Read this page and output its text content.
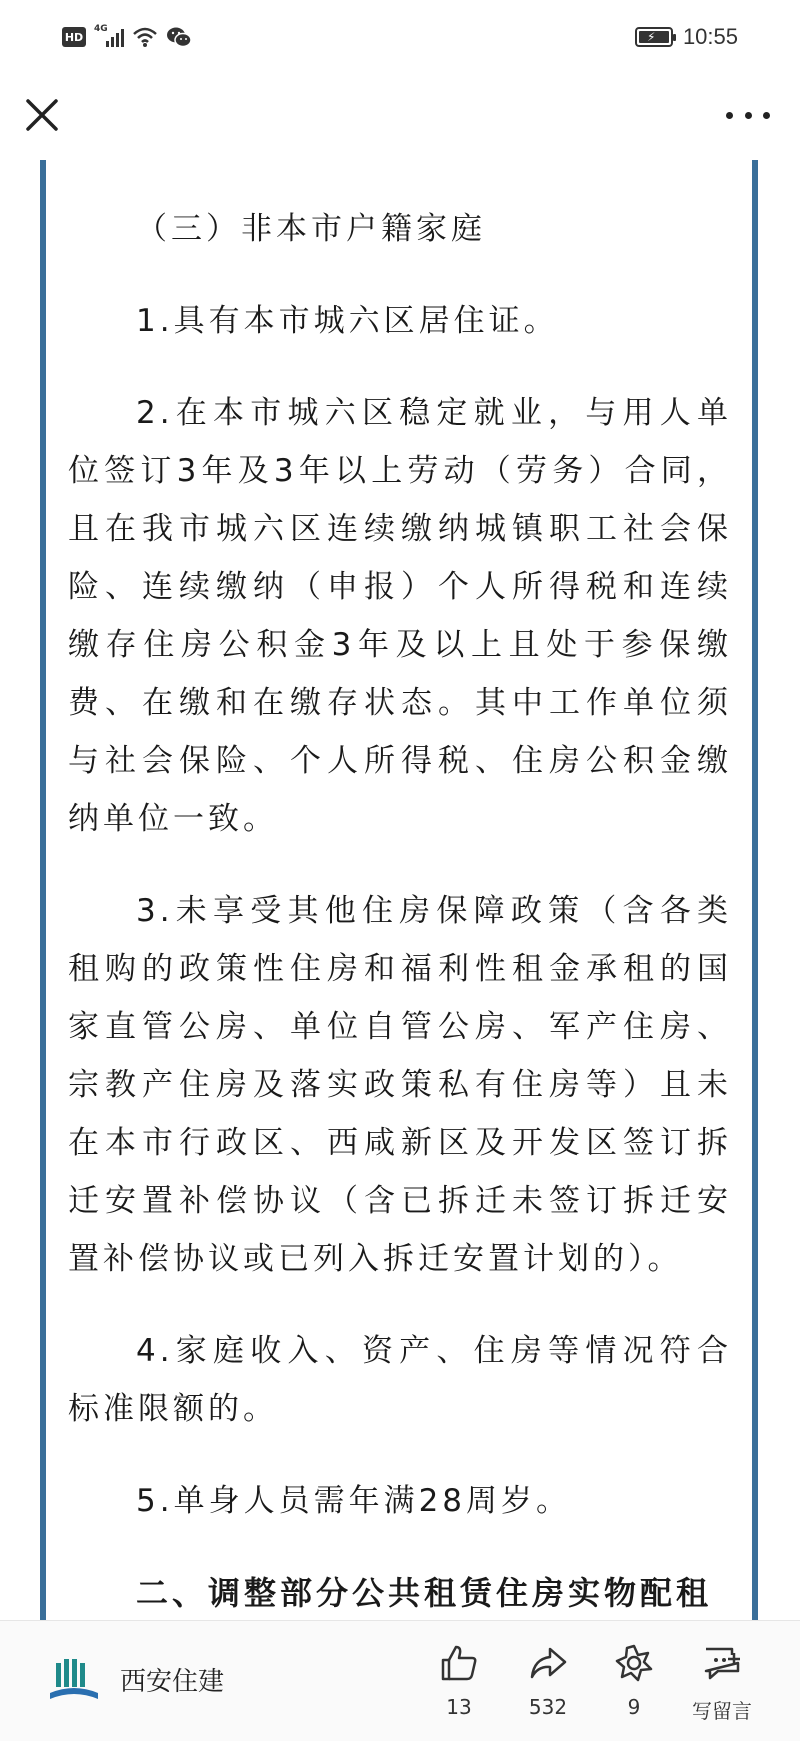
HD
4G
⚡ 10:55

（三）非本市户籍家庭

1.具有本市城六区居住证。

2.在本市城六区稳定就业，与用人单位签订3年及3年以上劳动（劳务）合同，且在我市城六区连续缴纳城镇职工社会保险、连续缴纳（申报）个人所得税和连续缴存住房公积金3年及以上且处于参保缴费、在缴和在缴存状态。其中工作单位须与社会保险、个人所得税、住房公积金缴纳单位一致。

3.未享受其他住房保障政策（含各类租购的政策性住房和福利性租金承租的国家直管公房、单位自管公房、军产住房、宗教产住房及落实政策私有住房等）且未在本市行政区、西咸新区及开发区签订拆迁安置补偿协议（含已拆迁未签订拆迁安置补偿协议或已列入拆迁安置计划的）。

4.家庭收入、资产、住房等情况符合标准限额的。

5.单身人员需年满28周岁。

二、调整部分公共租赁住房实物配租

西安住建
13	532	9	写留言
